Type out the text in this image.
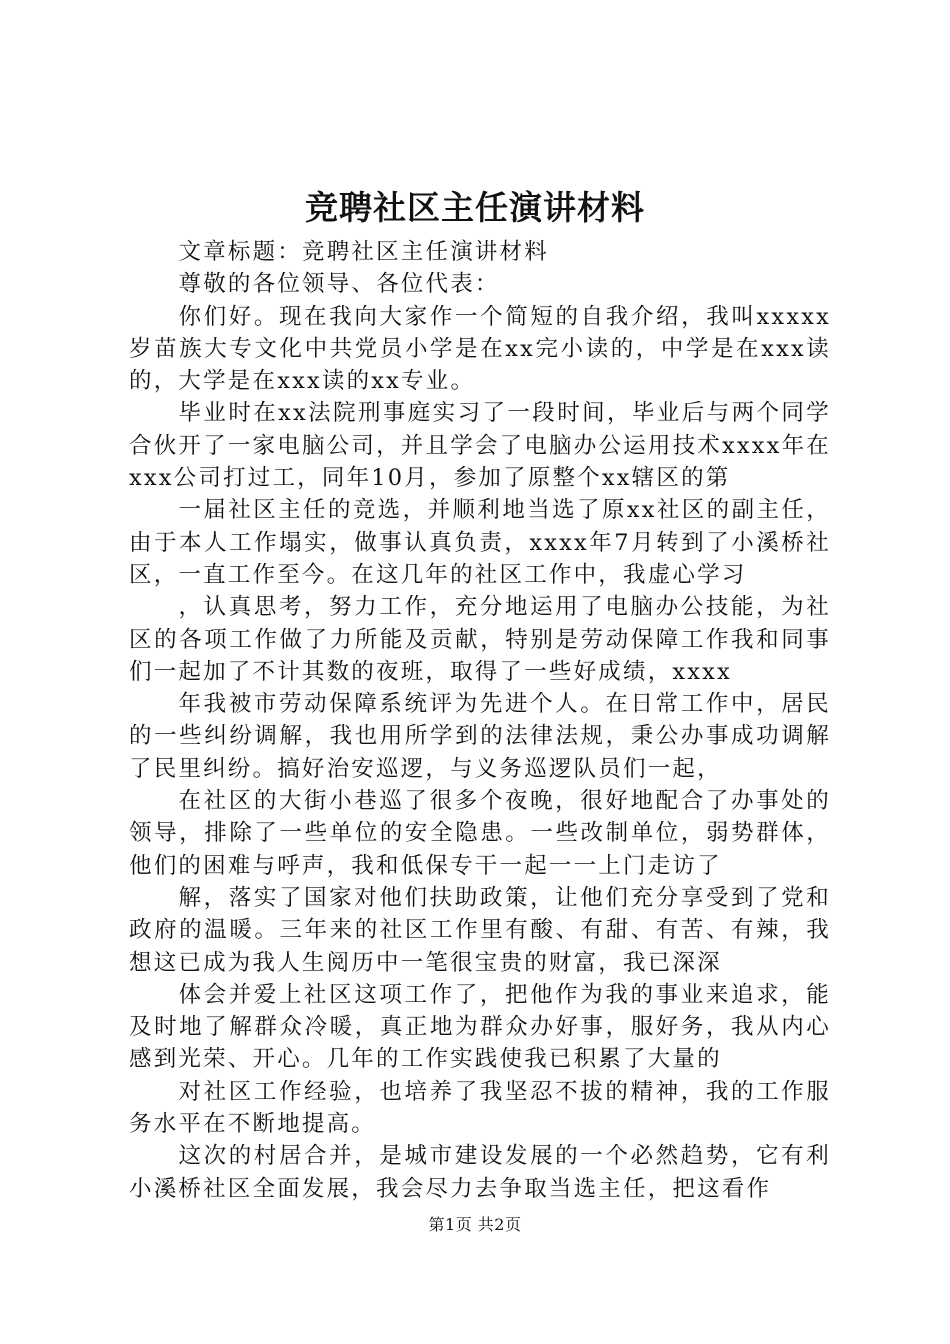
竞聘社区主任演讲材料

文章标题：竞聘社区主任演讲材料

尊敬的各位领导、各位代表：

你们好。现在我向大家作一个简短的自我介绍，我叫xxxxx岁苗族大专文化中共党员小学是在xx完小读的，中学是在xxx读的，大学是在xxx读的xx专业。

毕业时在xx法院刑事庭实习了一段时间，毕业后与两个同学合伙开了一家电脑公司，并且学会了电脑办公运用技术xxxx年在xxx公司打过工，同年10月，参加了原整个xx辖区的第

一届社区主任的竞选，并顺利地当选了原xx社区的副主任，由于本人工作塌实，做事认真负责，xxxx年7月转到了小溪桥社区，一直工作至今。在这几年的社区工作中，我虚心学习

，认真思考，努力工作，充分地运用了电脑办公技能，为社区的各项工作做了力所能及贡献，特别是劳动保障工作我和同事们一起加了不计其数的夜班，取得了一些好成绩，xxxx

年我被市劳动保障系统评为先进个人。在日常工作中，居民的一些纠纷调解，我也用所学到的法律法规，秉公办事成功调解了民里纠纷。搞好治安巡逻，与义务巡逻队员们一起，

在社区的大街小巷巡了很多个夜晚，很好地配合了办事处的领导，排除了一些单位的安全隐患。一些改制单位，弱势群体，他们的困难与呼声，我和低保专干一起一一上门走访了

解，落实了国家对他们扶助政策，让他们充分享受到了党和政府的温暖。三年来的社区工作里有酸、有甜、有苦、有辣，我想这已成为我人生阅历中一笔很宝贵的财富，我已深深

体会并爱上社区这项工作了，把他作为我的事业来追求，能及时地了解群众冷暖，真正地为群众办好事，服好务，我从内心感到光荣、开心。几年的工作实践使我已积累了大量的

对社区工作经验，也培养了我坚忍不拔的精神，我的工作服务水平在不断地提高。

这次的村居合并，是城市建设发展的一个必然趋势，它有利小溪桥社区全面发展，我会尽力去争取当选主任，把这看作

第1页 共2页
